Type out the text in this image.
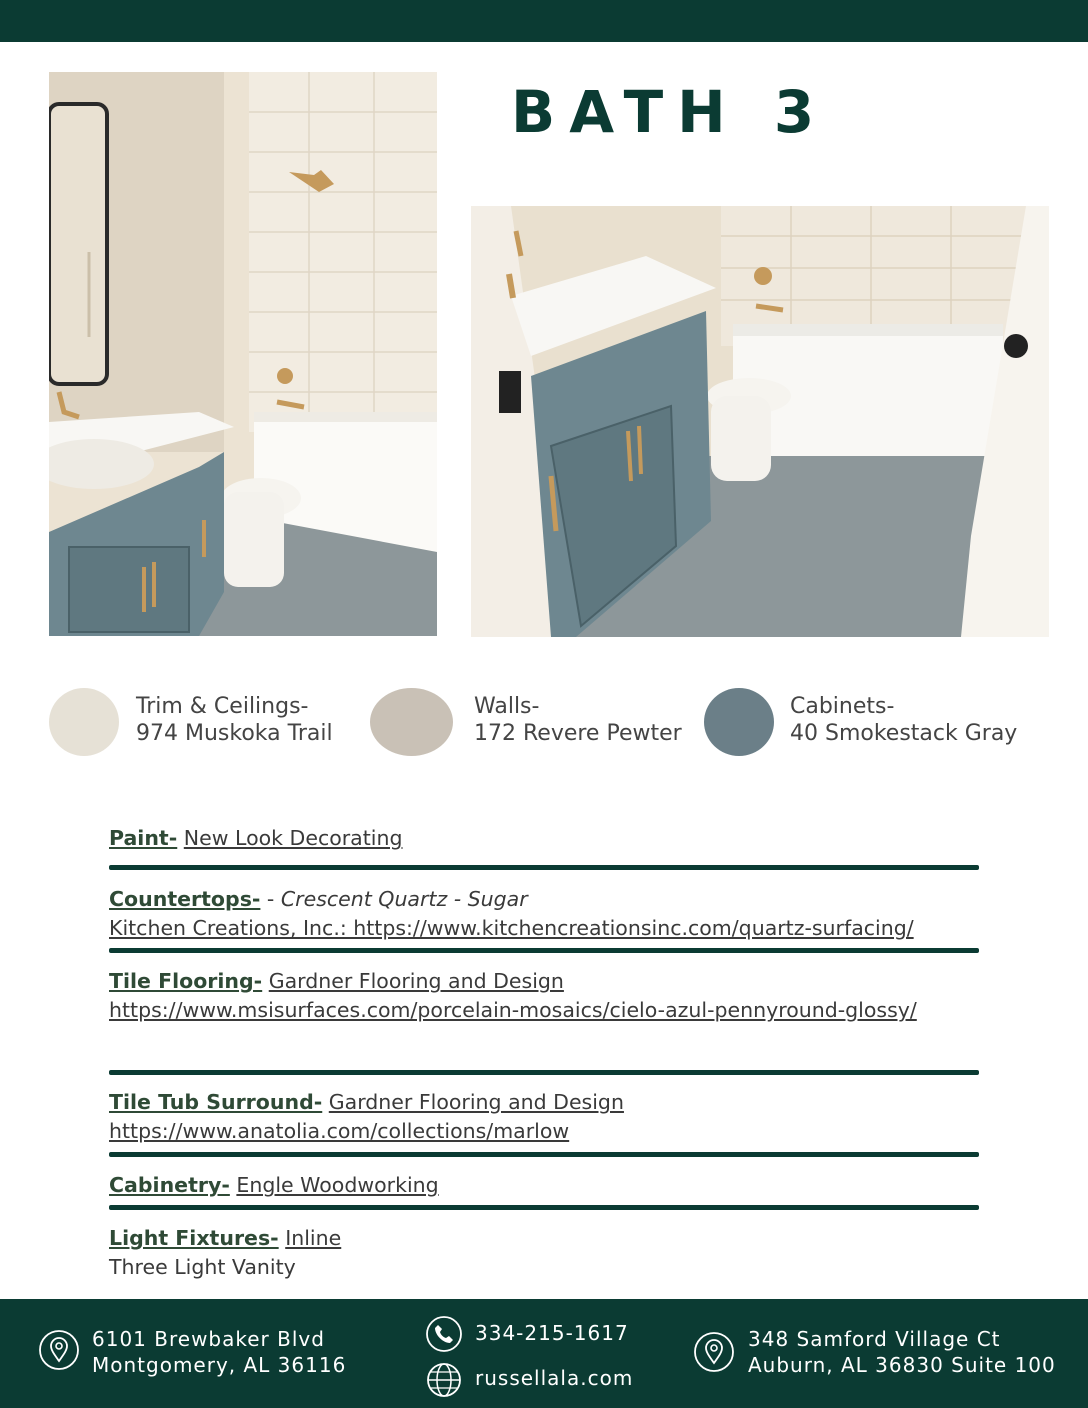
BATH 3
Trim & Ceilings-
974 Muskoka Trail
Walls-
172 Revere Pewter
Cabinets-
40 Smokestack Gray
Paint- New Look Decorating
Countertops- - Crescent Quartz - Sugar
Kitchen Creations, Inc.: https://www.kitchencreationsinc.com/quartz-surfacing/
Tile Flooring- Gardner Flooring and Design
https://www.msisurfaces.com/porcelain-mosaics/cielo-azul-pennyround-glossy/
Tile Tub Surround- Gardner Flooring and Design
https://www.anatolia.com/collections/marlow
Cabinetry- Engle Woodworking
Light Fixtures- Inline
Three Light Vanity
6101 Brewbaker Blvd
Montgomery, AL 36116
334-215-1617
russellala.com
348 Samford Village Ct
Auburn, AL 36830 Suite 100
